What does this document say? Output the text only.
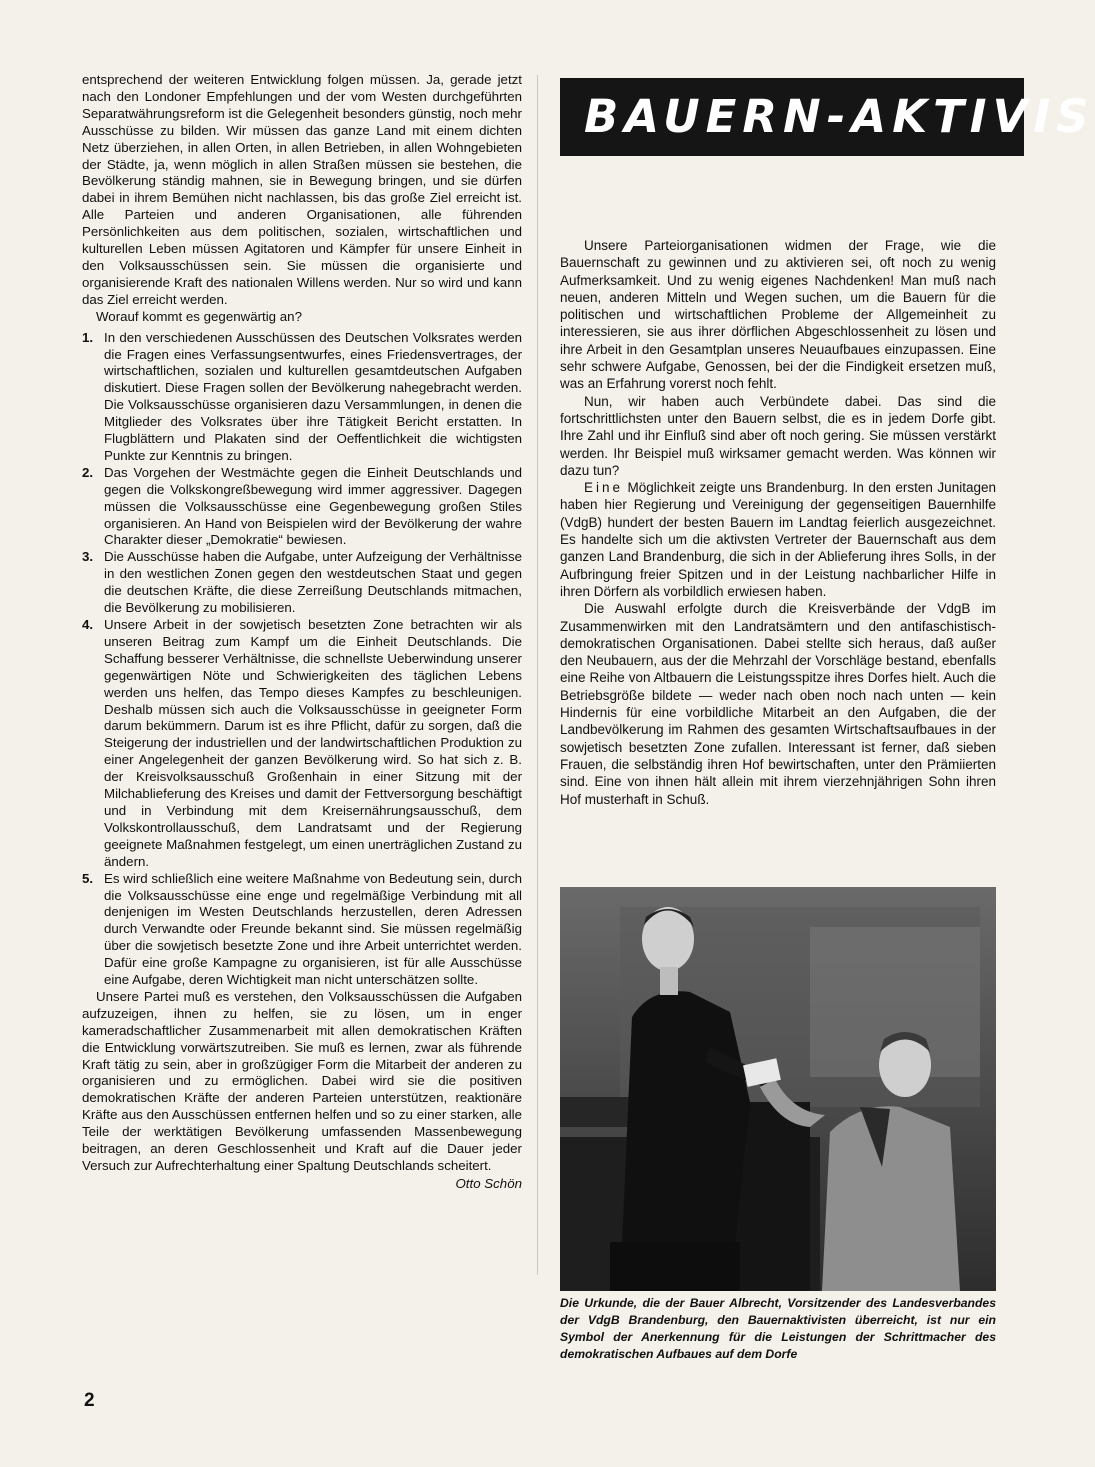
entsprechend der weiteren Entwicklung folgen müssen. Ja, gerade jetzt nach den Londoner Empfehlungen und der vom Westen durchgeführten Separatwährungsreform ist die Gelegenheit besonders günstig, noch mehr Ausschüsse zu bilden. Wir müssen das ganze Land mit einem dichten Netz überziehen, in allen Orten, in allen Betrieben, in allen Wohngebieten der Städte, ja, wenn möglich in allen Straßen müssen sie bestehen, die Bevölkerung ständig mahnen, sie in Bewegung bringen, und sie dürfen dabei in ihrem Bemühen nicht nachlassen, bis das große Ziel erreicht ist. Alle Parteien und anderen Organisationen, alle führenden Persönlichkeiten aus dem politischen, sozialen, wirtschaftlichen und kulturellen Leben müssen Agitatoren und Kämpfer für unsere Einheit in den Volksausschüssen sein. Sie müssen die organisierte und organisierende Kraft des nationalen Willens werden. Nur so wird und kann das Ziel erreicht werden.

Worauf kommt es gegenwärtig an?

1. In den verschiedenen Ausschüssen des Deutschen Volksrates werden die Fragen eines Verfassungsentwurfes, eines Friedensvertrages, der wirtschaftlichen, sozialen und kulturellen gesamtdeutschen Aufgaben diskutiert. Diese Fragen sollen der Bevölkerung nahegebracht werden. Die Volksausschüsse organisieren dazu Versammlungen, in denen die Mitglieder des Volksrates über ihre Tätigkeit Bericht erstatten. In Flugblättern und Plakaten sind der Oeffentlichkeit die wichtigsten Punkte zur Kenntnis zu bringen.
2. Das Vorgehen der Westmächte gegen die Einheit Deutschlands und gegen die Volkskongreßbewegung wird immer aggressiver. Dagegen müssen die Volksausschüsse eine Gegenbewegung großen Stiles organisieren. An Hand von Beispielen wird der Bevölkerung der wahre Charakter dieser „Demokratie“ bewiesen.
3. Die Ausschüsse haben die Aufgabe, unter Aufzeigung der Verhältnisse in den westlichen Zonen gegen den westdeutschen Staat und gegen die deutschen Kräfte, die diese Zerreißung Deutschlands mitmachen, die Bevölkerung zu mobilisieren.
4. Unsere Arbeit in der sowjetisch besetzten Zone betrachten wir als unseren Beitrag zum Kampf um die Einheit Deutschlands. Die Schaffung besserer Verhältnisse, die schnellste Ueberwindung unserer gegenwärtigen Nöte und Schwierigkeiten des täglichen Lebens werden uns helfen, das Tempo dieses Kampfes zu beschleunigen. Deshalb müssen sich auch die Volksausschüsse in geeigneter Form darum bekümmern. Darum ist es ihre Pflicht, dafür zu sorgen, daß die Steigerung der industriellen und der landwirtschaftlichen Produktion zu einer Angelegenheit der ganzen Bevölkerung wird. So hat sich z. B. der Kreisvolksausschuß Großenhain in einer Sitzung mit der Milchablieferung des Kreises und damit der Fettversorgung beschäftigt und in Verbindung mit dem Kreisernährungsausschuß, dem Volkskontrollausschuß, dem Landratsamt und der Regierung geeignete Maßnahmen festgelegt, um einen unerträglichen Zustand zu ändern.
5. Es wird schließlich eine weitere Maßnahme von Bedeutung sein, durch die Volksausschüsse eine enge und regelmäßige Verbindung mit all denjenigen im Westen Deutschlands herzustellen, deren Adressen durch Verwandte oder Freunde bekannt sind. Sie müssen regelmäßig über die sowjetisch besetzte Zone und ihre Arbeit unterrichtet werden. Dafür eine große Kampagne zu organisieren, ist für alle Ausschüsse eine Aufgabe, deren Wichtigkeit man nicht unterschätzen sollte.

Unsere Partei muß es verstehen, den Volksausschüssen die Aufgaben aufzuzeigen, ihnen zu helfen, sie zu lösen, um in enger kameradschaftlicher Zusammenarbeit mit allen demokratischen Kräften die Entwicklung vorwärtszutreiben. Sie muß es lernen, zwar als führende Kraft tätig zu sein, aber in großzügiger Form die Mitarbeit der anderen zu organisieren und zu ermöglichen. Dabei wird sie die positiven demokratischen Kräfte der anderen Parteien unterstützen, reaktionäre Kräfte aus den Ausschüssen entfernen helfen und so zu einer starken, alle Teile der werktätigen Bevölkerung umfassenden Massenbewegung beitragen, an deren Geschlossenheit und Kraft auf die Dauer jeder Versuch zur Aufrechterhaltung einer Spaltung Deutschlands scheitert.

Otto Schön
2
BAUERN-AKTIVIS

Unsere Parteiorganisationen widmen der Frage, wie die Bauernschaft zu gewinnen und zu aktivieren sei, oft noch zu wenig Aufmerksamkeit. Und zu wenig eigenes Nachdenken! Man muß nach neuen, anderen Mitteln und Wegen suchen, um die Bauern für die politischen und wirtschaftlichen Probleme der Allgemeinheit zu interessieren, sie aus ihrer dörflichen Abgeschlossenheit zu lösen und ihre Arbeit in den Gesamtplan unseres Neuaufbaues einzupassen. Eine sehr schwere Aufgabe, Genossen, bei der die Findigkeit ersetzen muß, was an Erfahrung vorerst noch fehlt.

Nun, wir haben auch Verbündete dabei. Das sind die fortschrittlichsten unter den Bauern selbst, die es in jedem Dorfe gibt. Ihre Zahl und ihr Einfluß sind aber oft noch gering. Sie müssen verstärkt werden. Ihr Beispiel muß wirksamer gemacht werden. Was können wir dazu tun?

Eine Möglichkeit zeigte uns Brandenburg. In den ersten Junitagen haben hier Regierung und Vereinigung der gegenseitigen Bauernhilfe (VdgB) hundert der besten Bauern im Landtag feierlich ausgezeichnet. Es handelte sich um die aktivsten Vertreter der Bauernschaft aus dem ganzen Land Brandenburg, die sich in der Ablieferung ihres Solls, in der Aufbringung freier Spitzen und in der Leistung nachbarlicher Hilfe in ihren Dörfern als vorbildlich erwiesen haben.

Die Auswahl erfolgte durch die Kreisverbände der VdgB im Zusammenwirken mit den Landratsämtern und den antifaschistisch-demokratischen Organisationen. Dabei stellte sich heraus, daß außer den Neubauern, aus der die Mehrzahl der Vorschläge bestand, ebenfalls eine Reihe von Altbauern die Leistungsspitze ihres Dorfes hielt. Auch die Betriebsgröße bildete — weder nach oben noch nach unten — kein Hindernis für eine vorbildliche Mitarbeit an den Aufgaben, die der Landbevölkerung im Rahmen des gesamten Wirtschaftsaufbaues in der sowjetisch besetzten Zone zufallen. Interessant ist ferner, daß sieben Frauen, die selbständig ihren Hof bewirtschaften, unter den Prämiierten sind. Eine von ihnen hält allein mit ihrem vierzehnjährigen Sohn ihren Hof musterhaft in Schuß.

Die Urkunde, die der Bauer Albrecht, Vorsitzender des Landesverbandes der VdgB Brandenburg, den Bauernaktivisten überreicht, ist nur ein Symbol der Anerkennung für die Leistungen der Schrittmacher des demokratischen Aufbaues auf dem Dorfe
